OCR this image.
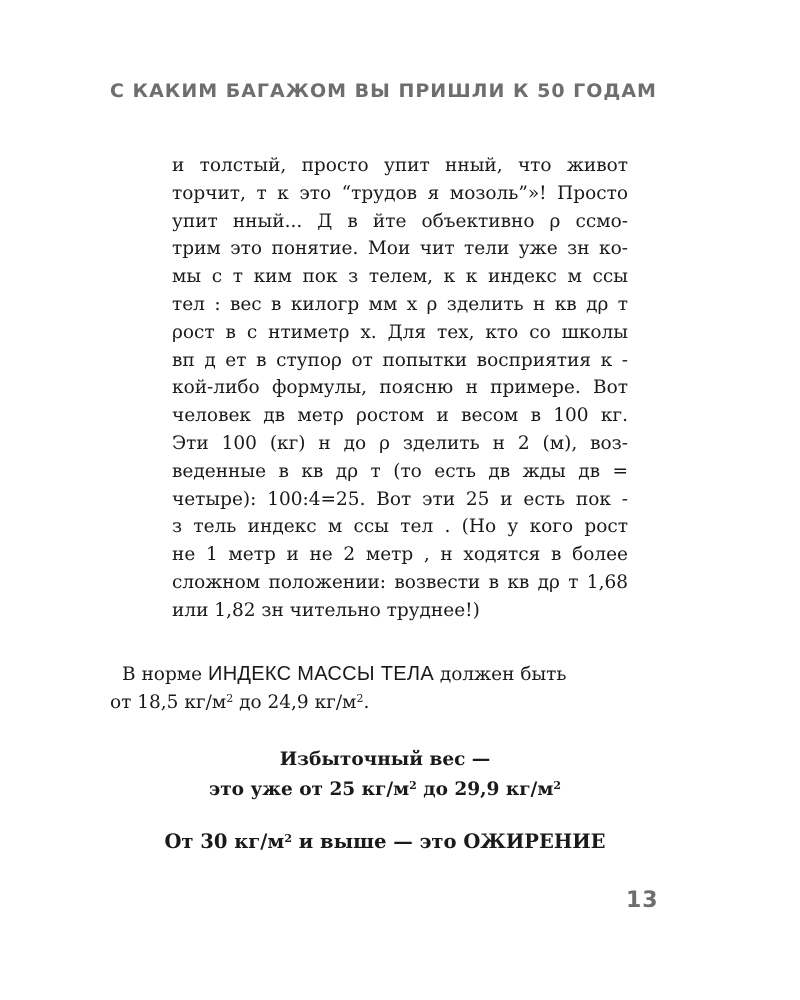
С КАКИМ БАГАЖОМ ВЫ ПРИШЛИ К 50 ГОДАМ
и толстый, просто упит нный, что живот
торчит, т к это “трудов я мозоль”»! Просто
упит нный... Д в йте объективно ρ ссмо-
трим это понятие. Мои чит тели уже зн ко-
мы с т ким пок з телем, к к индекс м ссы
тел : вес в килогр мм х ρ зделить н кв дρ т
ρост в с нтиметρ х. Для тех, кто со школы
вп д ет в ступоρ от попытки восприятия к -
кой-либо формулы, поясню н примере. Вот
человек дв метρ ρостом и весом в 100 кг.
Эти 100 (кг) н до ρ зделить н 2 (м), воз-
веденные в кв дρ т (то есть дв жды дв =
четыре): 100:4=25. Вот эти 25 и есть пок -
з тель индекс м ссы тел . (Но у кого рост
не 1 метр и не 2 метр , н ходятся в более
сложном положении: возвести в кв дρ т 1,68
или 1,82 зн чительно труднее!)
В норме ИНДЕКС МАССЫ ТЕЛА должен быть
от 18,5 $кг/м^2$ до 24,9 $кг/м^2$.
Избыточный вес —
это уже от 25 $кг/м^2$ до 29,9 $кг/м^2$
От 30 $кг/м^2$ и выше — это ОЖИРЕНИЕ
13
